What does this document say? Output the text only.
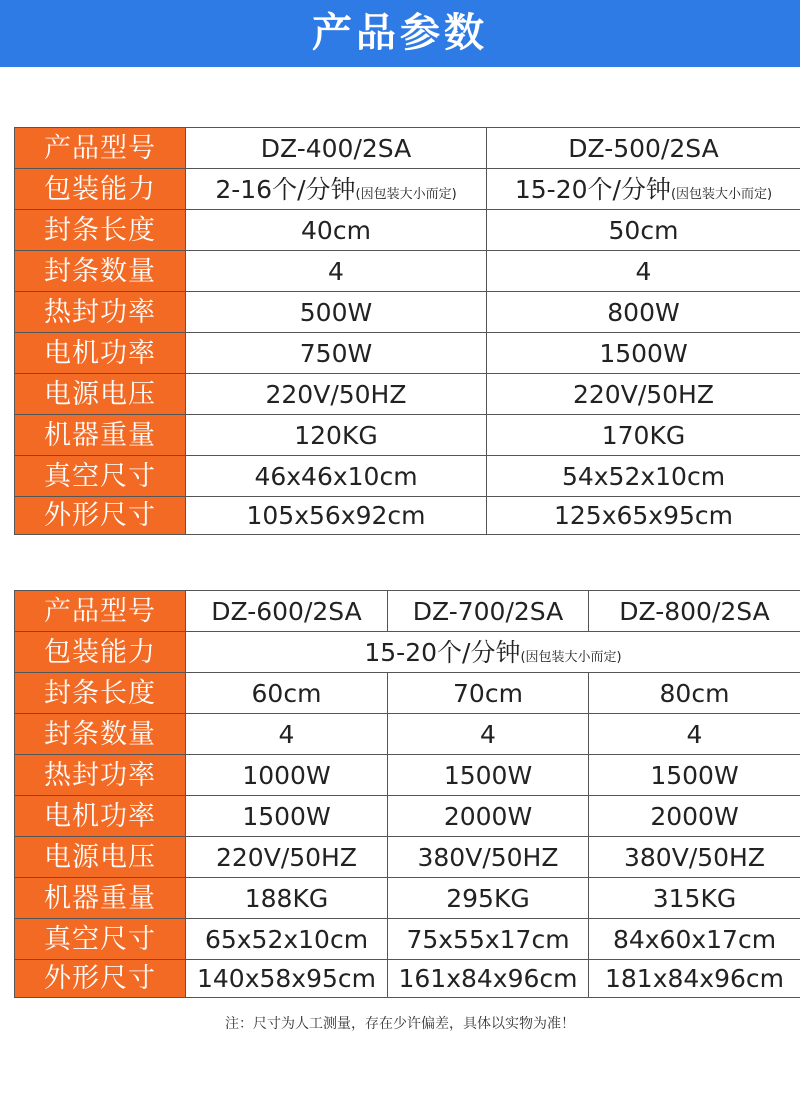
产品参数
产品型号	DZ-400/2SA	DZ-500/2SA
包装能力	2-16个/分钟(因包装大小而定)	15-20个/分钟(因包装大小而定)
封条长度	40cm	50cm
封条数量	4	4
热封功率	500W	800W
电机功率	750W	1500W
电源电压	220V/50HZ	220V/50HZ
机器重量	120KG	170KG
真空尺寸	46x46x10cm	54x52x10cm
外形尺寸	105x56x92cm	125x65x95cm
产品型号	DZ-600/2SA	DZ-700/2SA	DZ-800/2SA
包装能力	15-20个/分钟(因包装大小而定)		
封条长度	60cm	70cm	80cm
封条数量	4	4	4
热封功率	1000W	1500W	1500W
电机功率	1500W	2000W	2000W
电源电压	220V/50HZ	380V/50HZ	380V/50HZ
机器重量	188KG	295KG	315KG
真空尺寸	65x52x10cm	75x55x17cm	84x60x17cm
外形尺寸	140x58x95cm	161x84x96cm	181x84x96cm
注：尺寸为人工测量，存在少许偏差，具体以实物为准！
